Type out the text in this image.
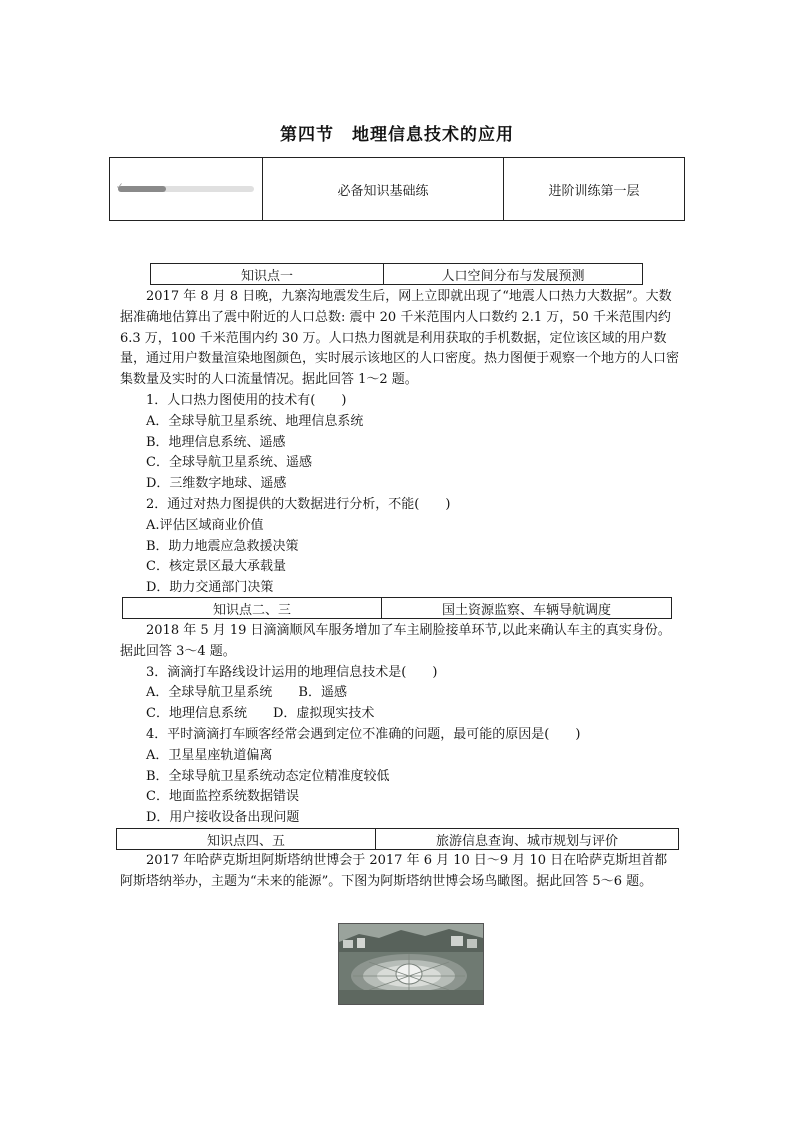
第四节　地理信息技术的应用
✓	必备知识基础练	进阶训练第一层
知识点一	人口空间分布与发展预测

2017 年 8 月 8 日晚，九寨沟地震发生后，网上立即就出现了“地震人口热力大数据”。大数据准确地估算出了震中附近的人口总数: 震中 20 千米范围内人口数约 2.1 万，50 千米范围内约 6.3 万，100 千米范围内约 30 万。人口热力图就是利用获取的手机数据，定位该区域的用户数量，通过用户数量渲染地图颜色，实时展示该地区的人口密度。热力图便于观察一个地方的人口密集数量及实时的人口流量情况。据此回答 1～2 题。

1．人口热力图使用的技术有(　　)

A．全球导航卫星系统、地理信息系统

B．地理信息系统、遥感

C．全球导航卫星系统、遥感

D．三维数字地球、遥感

2．通过对热力图提供的大数据进行分析，不能(　　)

A.评估区域商业价值

B．助力地震应急救援决策

C．核定景区最大承载量

D．助力交通部门决策

知识点二、三	国土资源监察、车辆导航调度

2018 年 5 月 19 日滴滴顺风车服务增加了车主刷脸接单环节,以此来确认车主的真实身份。据此回答 3～4 题。

3．滴滴打车路线设计运用的地理信息技术是(　　)

A．全球导航卫星系统　　B．遥感

C．地理信息系统　　D．虚拟现实技术

4．平时滴滴打车顾客经常会遇到定位不准确的问题，最可能的原因是(　　)

A．卫星星座轨道偏离

B．全球导航卫星系统动态定位精准度较低

C．地面监控系统数据错误

D．用户接收设备出现问题

知识点四、五	旅游信息查询、城市规划与评价

2017 年哈萨克斯坦阿斯塔纳世博会于 2017 年 6 月 10 日～9 月 10 日在哈萨克斯坦首都阿斯塔纳举办，主题为“未来的能源”。下图为阿斯塔纳世博会场鸟瞰图。据此回答 5～6 题。
